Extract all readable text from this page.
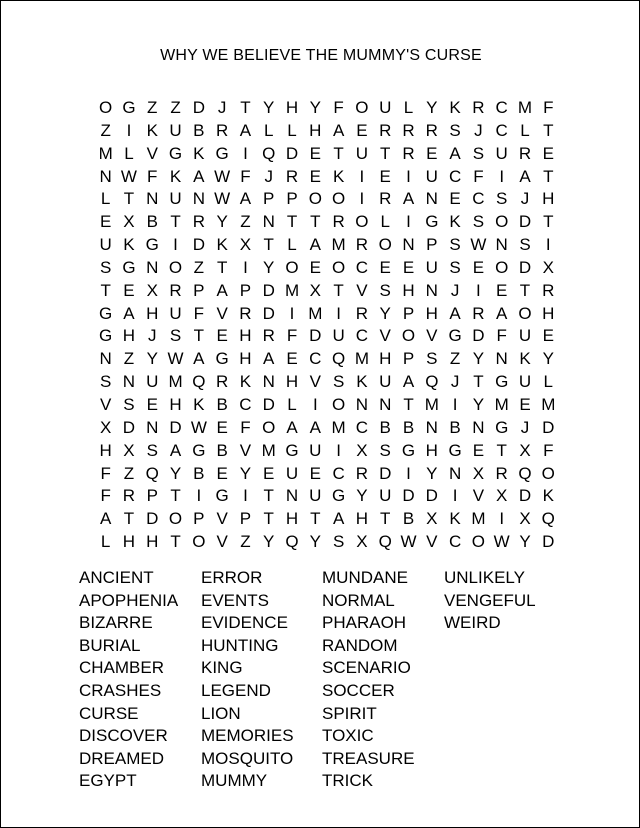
WHY WE BELIEVE THE MUMMY'S CURSE
O G Z Z D J T Y H Y F O U L Y K R C M F
Z I K U B R A L L H A E R R R S J C L T
M L V G K G I Q D E T U T R E A S U R E
N W F K A W F J R E K I E I U C F I A T
L T N U N W A P P O O I R A N E C S J H
E X B T R Y Z N T T R O L I G K S O D T
U K G I D K X T L A M R O N P S W N S I
S G N O Z T I Y O E O C E E U S E O D X
T E X R P A P D M X T V S H N J I E T R
G A H U F V R D I M I R Y P H A R A O H
G H J S T E H R F D U C V O V G D F U E
N Z Y W A G H A E C Q M H P S Z Y N K Y
S N U M Q R K N H V S K U A Q J T G U L
V S E H K B C D L I O N N T M I Y M E M
X D N D W E F O A A M C B B N B N G J D
H X S A G B V M G U I X S G H G E T X F
F Z Q Y B E Y E U E C R D I Y N X R Q O
F R P T I G I T N U G Y U D D I V X D K
A T D O P V P T H T A H T B X K M I X Q
L H H T O V Z Y Q Y S X Q W V C O W Y D
ANCIENT
APOPHENIA
BIZARRE
BURIAL
CHAMBER
CRASHES
CURSE
DISCOVER
DREAMED
EGYPT
ERROR
EVENTS
EVIDENCE
HUNTING
KING
LEGEND
LION
MEMORIES
MOSQUITO
MUMMY
MUNDANE
NORMAL
PHARAOH
RANDOM
SCENARIO
SOCCER
SPIRIT
TOXIC
TREASURE
TRICK
UNLIKELY
VENGEFUL
WEIRD
